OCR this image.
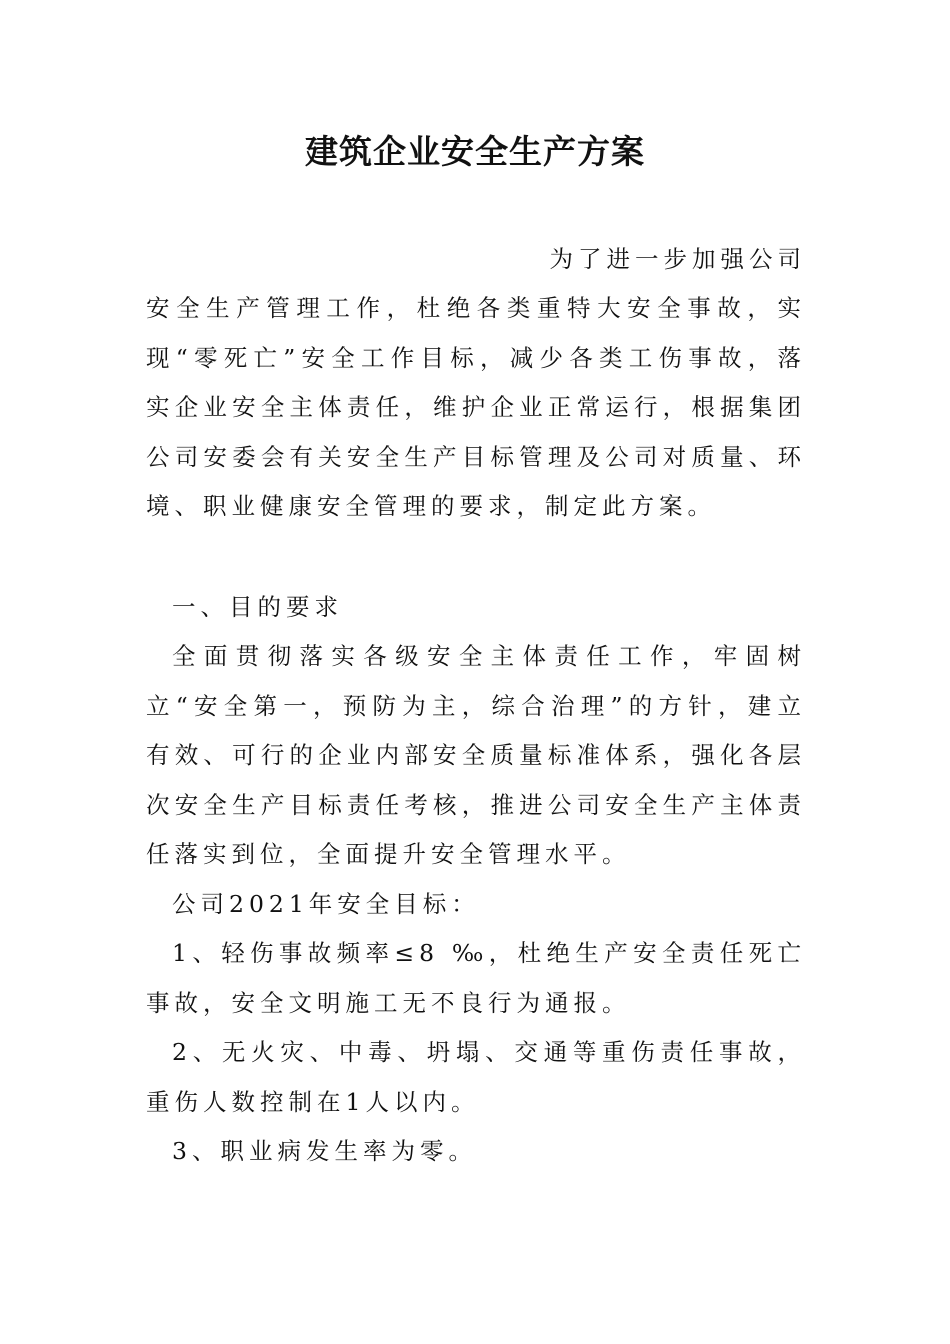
建筑企业安全生产方案

为了进一步加强公司

安全生产管理工作，杜绝各类重特大安全事故，实现“零死亡”安全工作目标，减少各类工伤事故，落实企业安全主体责任，维护企业正常运行，根据集团公司安委会有关安全生产目标管理及公司对质量、环境、职业健康安全管理的要求，制定此方案。

一、目的要求

全面贯彻落实各级安全主体责任工作，牢固树立“安全第一，预防为主，综合治理”的方针，建立有效、可行的企业内部安全质量标准体系，强化各层次安全生产目标责任考核，推进公司安全生产主体责任落实到位，全面提升安全管理水平。

公司2021年安全目标：

1、轻伤事故频率≤8 ‰，杜绝生产安全责任死亡事故，安全文明施工无不良行为通报。

2、无火灾、中毒、坍塌、交通等重伤责任事故，重伤人数控制在1人以内。

3、职业病发生率为零。
